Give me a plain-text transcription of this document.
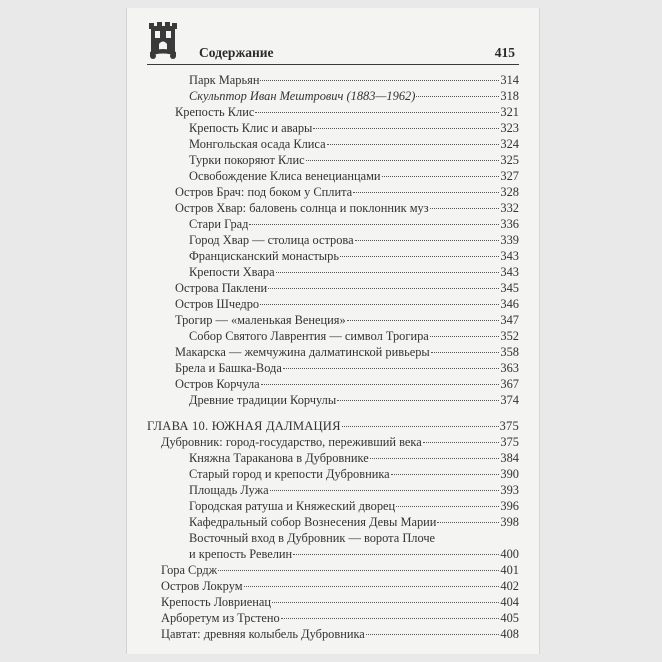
Содержание	415
Парк Марьян	314
Скульптор Иван Мештрович (1883—1962)	318
Крепость Клис	321
Крепость Клис и авары	323
Монгольская осада Клиса	324
Турки покоряют Клис	325
Освобождение Клиса венецианцами	327
Остров Брач: под боком у Сплита	328
Остров Хвар: баловень солнца и поклонник муз	332
Стари Град	336
Город Хвар — столица острова	339
Францисканский монастырь	343
Крепости Хвара	343
Острова Паклени	345
Остров Шчедро	346
Трогир — «маленькая Венеция»	347
Собор Святого Лаврентия — символ Трогира	352
Макарска — жемчужина далматинской ривьеры	358
Брела и Башка-Вода	363
Остров Корчула	367
Древние традиции Корчулы	374
ГЛАВА 10. ЮЖНАЯ ДАЛМАЦИЯ	375
Дубровник: город-государство, переживший века	375
Княжна Тараканова в Дубровнике	384
Старый город и крепости Дубровника	390
Площадь Лужа	393
Городская ратуша и Княжеский дворец	396
Кафедральный собор Вознесения Девы Марии	398
Восточный вход в Дубровник — ворота Плоче
и крепость Ревелин	400
Гора Срдж	401
Остров Локрум	402
Крепость Ловриенац	404
Арборетум из Трстено	405
Цавтат: древняя колыбель Дубровника	408
